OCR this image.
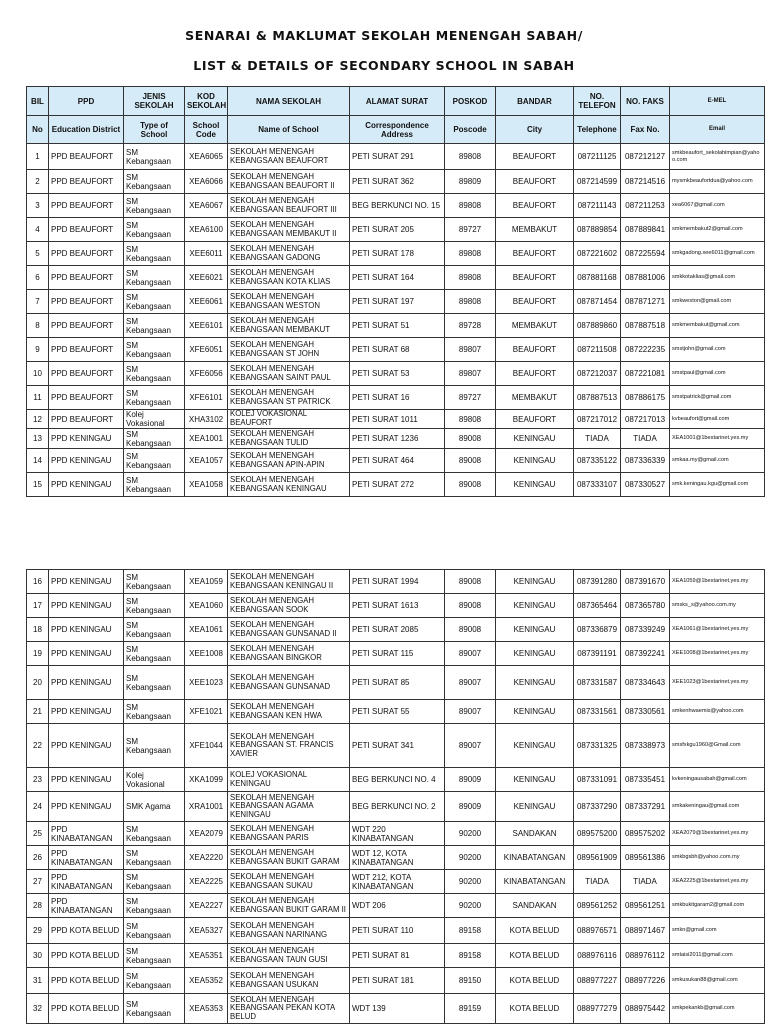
SENARAI & MAKLUMAT SEKOLAH MENENGAH SABAH/
LIST & DETAILS OF SECONDARY SCHOOL IN SABAH
BIL	PPD	JENIS SEKOLAH	KOD SEKOLAH	NAMA SEKOLAH	ALAMAT SURAT	POSKOD	BANDAR	NO. TELEFON	NO. FAKS	E-MEL
No	Education District	Type of School	School Code	Name of School	Correspondence Address	Poscode	City	Telephone	Fax No.	Email
1	PPD BEAUFORT	SM Kebangsaan	XEA6065	SEKOLAH MENENGAH KEBANGSAAN BEAUFORT	PETI SURAT 291	89808	BEAUFORT	087211125	087212127	smkbeaufort_sekolahimpian@yahoo.com
2	PPD BEAUFORT	SM Kebangsaan	XEA6066	SEKOLAH MENENGAH KEBANGSAAN BEAUFORT II	PETI SURAT 362	89809	BEAUFORT	087214599	087214516	mysmkbeaufortdua@yahoo.com
3	PPD BEAUFORT	SM Kebangsaan	XEA6067	SEKOLAH MENENGAH KEBANGSAAN BEAUFORT III	BEG BERKUNCI NO. 15	89808	BEAUFORT	087211143	087211253	xea6067@gmail.com
4	PPD BEAUFORT	SM Kebangsaan	XEA6100	SEKOLAH MENENGAH KEBANGSAAN MEMBAKUT II	PETI SURAT 205	89727	MEMBAKUT	087889854	087889841	smkmembakut2@gmail.com
5	PPD BEAUFORT	SM Kebangsaan	XEE6011	SEKOLAH MENENGAH KEBANGSAAN GADONG	PETI SURAT 178	89808	BEAUFORT	087221602	087225594	smkgadong.xee6011@gmail.com
6	PPD BEAUFORT	SM Kebangsaan	XEE6021	SEKOLAH MENENGAH KEBANGSAAN KOTA KLIAS	PETI SURAT 164	89808	BEAUFORT	087881168	087881006	smkkotaklias@gmail.com
7	PPD BEAUFORT	SM Kebangsaan	XEE6061	SEKOLAH MENENGAH KEBANGSAAN WESTON	PETI SURAT 197	89808	BEAUFORT	087871454	087871271	smkweston@gmail.com
8	PPD BEAUFORT	SM Kebangsaan	XEE6101	SEKOLAH MENENGAH KEBANGSAAN MEMBAKUT	PETI SURAT 51	89728	MEMBAKUT	087889860	087887518	smkmembakut@gmail.com
9	PPD BEAUFORT	SM Kebangsaan	XFE6051	SEKOLAH MENENGAH KEBANGSAAN ST JOHN	PETI SURAT 68	89807	BEAUFORT	087211508	087222235	smstjohn@gmail.com
10	PPD BEAUFORT	SM Kebangsaan	XFE6056	SEKOLAH MENENGAH KEBANGSAAN SAINT PAUL	PETI SURAT 53	89807	BEAUFORT	087212037	087221081	smstpaul@gmail.com
11	PPD BEAUFORT	SM Kebangsaan	XFE6101	SEKOLAH MENENGAH KEBANGSAAN ST PATRICK	PETI SURAT 16	89727	MEMBAKUT	087887513	087886175	smstpatrick@gmail.com
12	PPD BEAUFORT	Kolej Vokasional	XHA3102	KOLEJ VOKASIONAL BEAUFORT	PETI SURAT 1011	89808	BEAUFORT	087217012	087217013	kvbeaufort@gmail.com
13	PPD KENINGAU	SM Kebangsaan	XEA1001	SEKOLAH MENENGAH KEBANGSAAN TULID	PETI SURAT 1236	89008	KENINGAU	TIADA	TIADA	XEA1001@1bestarinet.yes.my
14	PPD KENINGAU	SM Kebangsaan	XEA1057	SEKOLAH MENENGAH KEBANGSAAN APIN-APIN	PETI SURAT 464	89008	KENINGAU	087335122	087336339	smkaa.my@gmail.com
15	PPD KENINGAU	SM Kebangsaan	XEA1058	SEKOLAH MENENGAH KEBANGSAAN KENINGAU	PETI SURAT 272	89008	KENINGAU	087333107	087330527	smk.keningau.kgu@gmail.com
16	PPD KENINGAU	SM Kebangsaan	XEA1059	SEKOLAH MENENGAH KEBANGSAAN KENINGAU II	PETI SURAT 1994	89008	KENINGAU	087391280	087391670	XEA1059@1bestarinet.yes.my
17	PPD KENINGAU	SM Kebangsaan	XEA1060	SEKOLAH MENENGAH KEBANGSAAN SOOK	PETI SURAT 1613	89008	KENINGAU	087365464	087365780	smsks_s@yahoo.com.my
18	PPD KENINGAU	SM Kebangsaan	XEA1061	SEKOLAH MENENGAH KEBANGSAAN GUNSANAD II	PETI SURAT 2085	89008	KENINGAU	087336879	087339249	XEA1061@1bestarinet.yes.my
19	PPD KENINGAU	SM Kebangsaan	XEE1008	SEKOLAH MENENGAH KEBANGSAAN BINGKOR	PETI SURAT 115	89007	KENINGAU	087391191	087392241	XEE1008@1bestarinet.yes.my
20	PPD KENINGAU	SM Kebangsaan	XEE1023	SEKOLAH MENENGAH KEBANGSAAN GUNSANAD	PETI SURAT 85	89007	KENINGAU	087331587	087334643	XEE1023@1bestarinet.yes.my
21	PPD KENINGAU	SM Kebangsaan	XFE1021	SEKOLAH MENENGAH KEBANGSAAN KEN HWA	PETI SURAT 55	89007	KENINGAU	087331561	087330561	smkenhwaemis@yahoo.com
22	PPD KENINGAU	SM Kebangsaan	XFE1044	SEKOLAH MENENGAH KEBANGSAAN ST. FRANCIS XAVIER	PETI SURAT 341	89007	KENINGAU	087331325	087338973	smsfxkgu1960@Gmail.com
23	PPD KENINGAU	Kolej Vokasional	XKA1099	KOLEJ VOKASIONAL KENINGAU	BEG BERKUNCI NO. 4	89009	KENINGAU	087331091	087335451	kvkeningausabah@gmail.com
24	PPD KENINGAU	SMK Agama	XRA1001	SEKOLAH MENENGAH KEBANGSAAN AGAMA KENINGAU	BEG BERKUNCI NO. 2	89009	KENINGAU	087337290	087337291	smkakeningau@gmail.com
25	PPD KINABATANGAN	SM Kebangsaan	XEA2079	SEKOLAH MENENGAH KEBANGSAAN PARIS	WDT 220 KINABATANGAN	90200	SANDAKAN	089575200	089575202	XEA2079@1bestarinet.yes.my
26	PPD KINABATANGAN	SM Kebangsaan	XEA2220	SEKOLAH MENENGAH KEBANGSAAN BUKIT GARAM	WDT 12, KOTA KINABATANGAN	90200	KINABATANGAN	089561909	089561386	smkbgsbh@yahoo.com.my
27	PPD KINABATANGAN	SM Kebangsaan	XEA2225	SEKOLAH MENENGAH KEBANGSAAN SUKAU	WDT 212, KOTA KINABATANGAN	90200	KINABATANGAN	TIADA	TIADA	XEA2225@1bestarinet.yes.my
28	PPD KINABATANGAN	SM Kebangsaan	XEA2227	SEKOLAH MENENGAH KEBANGSAAN BUKIT GARAM II	WDT 206	90200	SANDAKAN	089561252	089561251	smkbukitgaram2@gmail.com
29	PPD KOTA BELUD	SM Kebangsaan	XEA5327	SEKOLAH MENENGAH KEBANGSAAN NARINANG	PETI SURAT 110	89158	KOTA BELUD	088976571	088971467	smkn@gmail.com
30	PPD KOTA BELUD	SM Kebangsaan	XEA5351	SEKOLAH MENENGAH KEBANGSAAN TAUN GUSI	PETI SURAT 81	89158	KOTA BELUD	088976116	088976112	smtaisi2011@gmail.com
31	PPD KOTA BELUD	SM Kebangsaan	XEA5352	SEKOLAH MENENGAH KEBANGSAAN USUKAN	PETI SURAT 181	89150	KOTA BELUD	088977227	088977226	smkusukan88@gmail.com
32	PPD KOTA BELUD	SM Kebangsaan	XEA5353	SEKOLAH MENENGAH KEBANGSAAN PEKAN KOTA BELUD	WDT 139	89159	KOTA BELUD	088977279	088975442	smkpekankb@gmail.com
